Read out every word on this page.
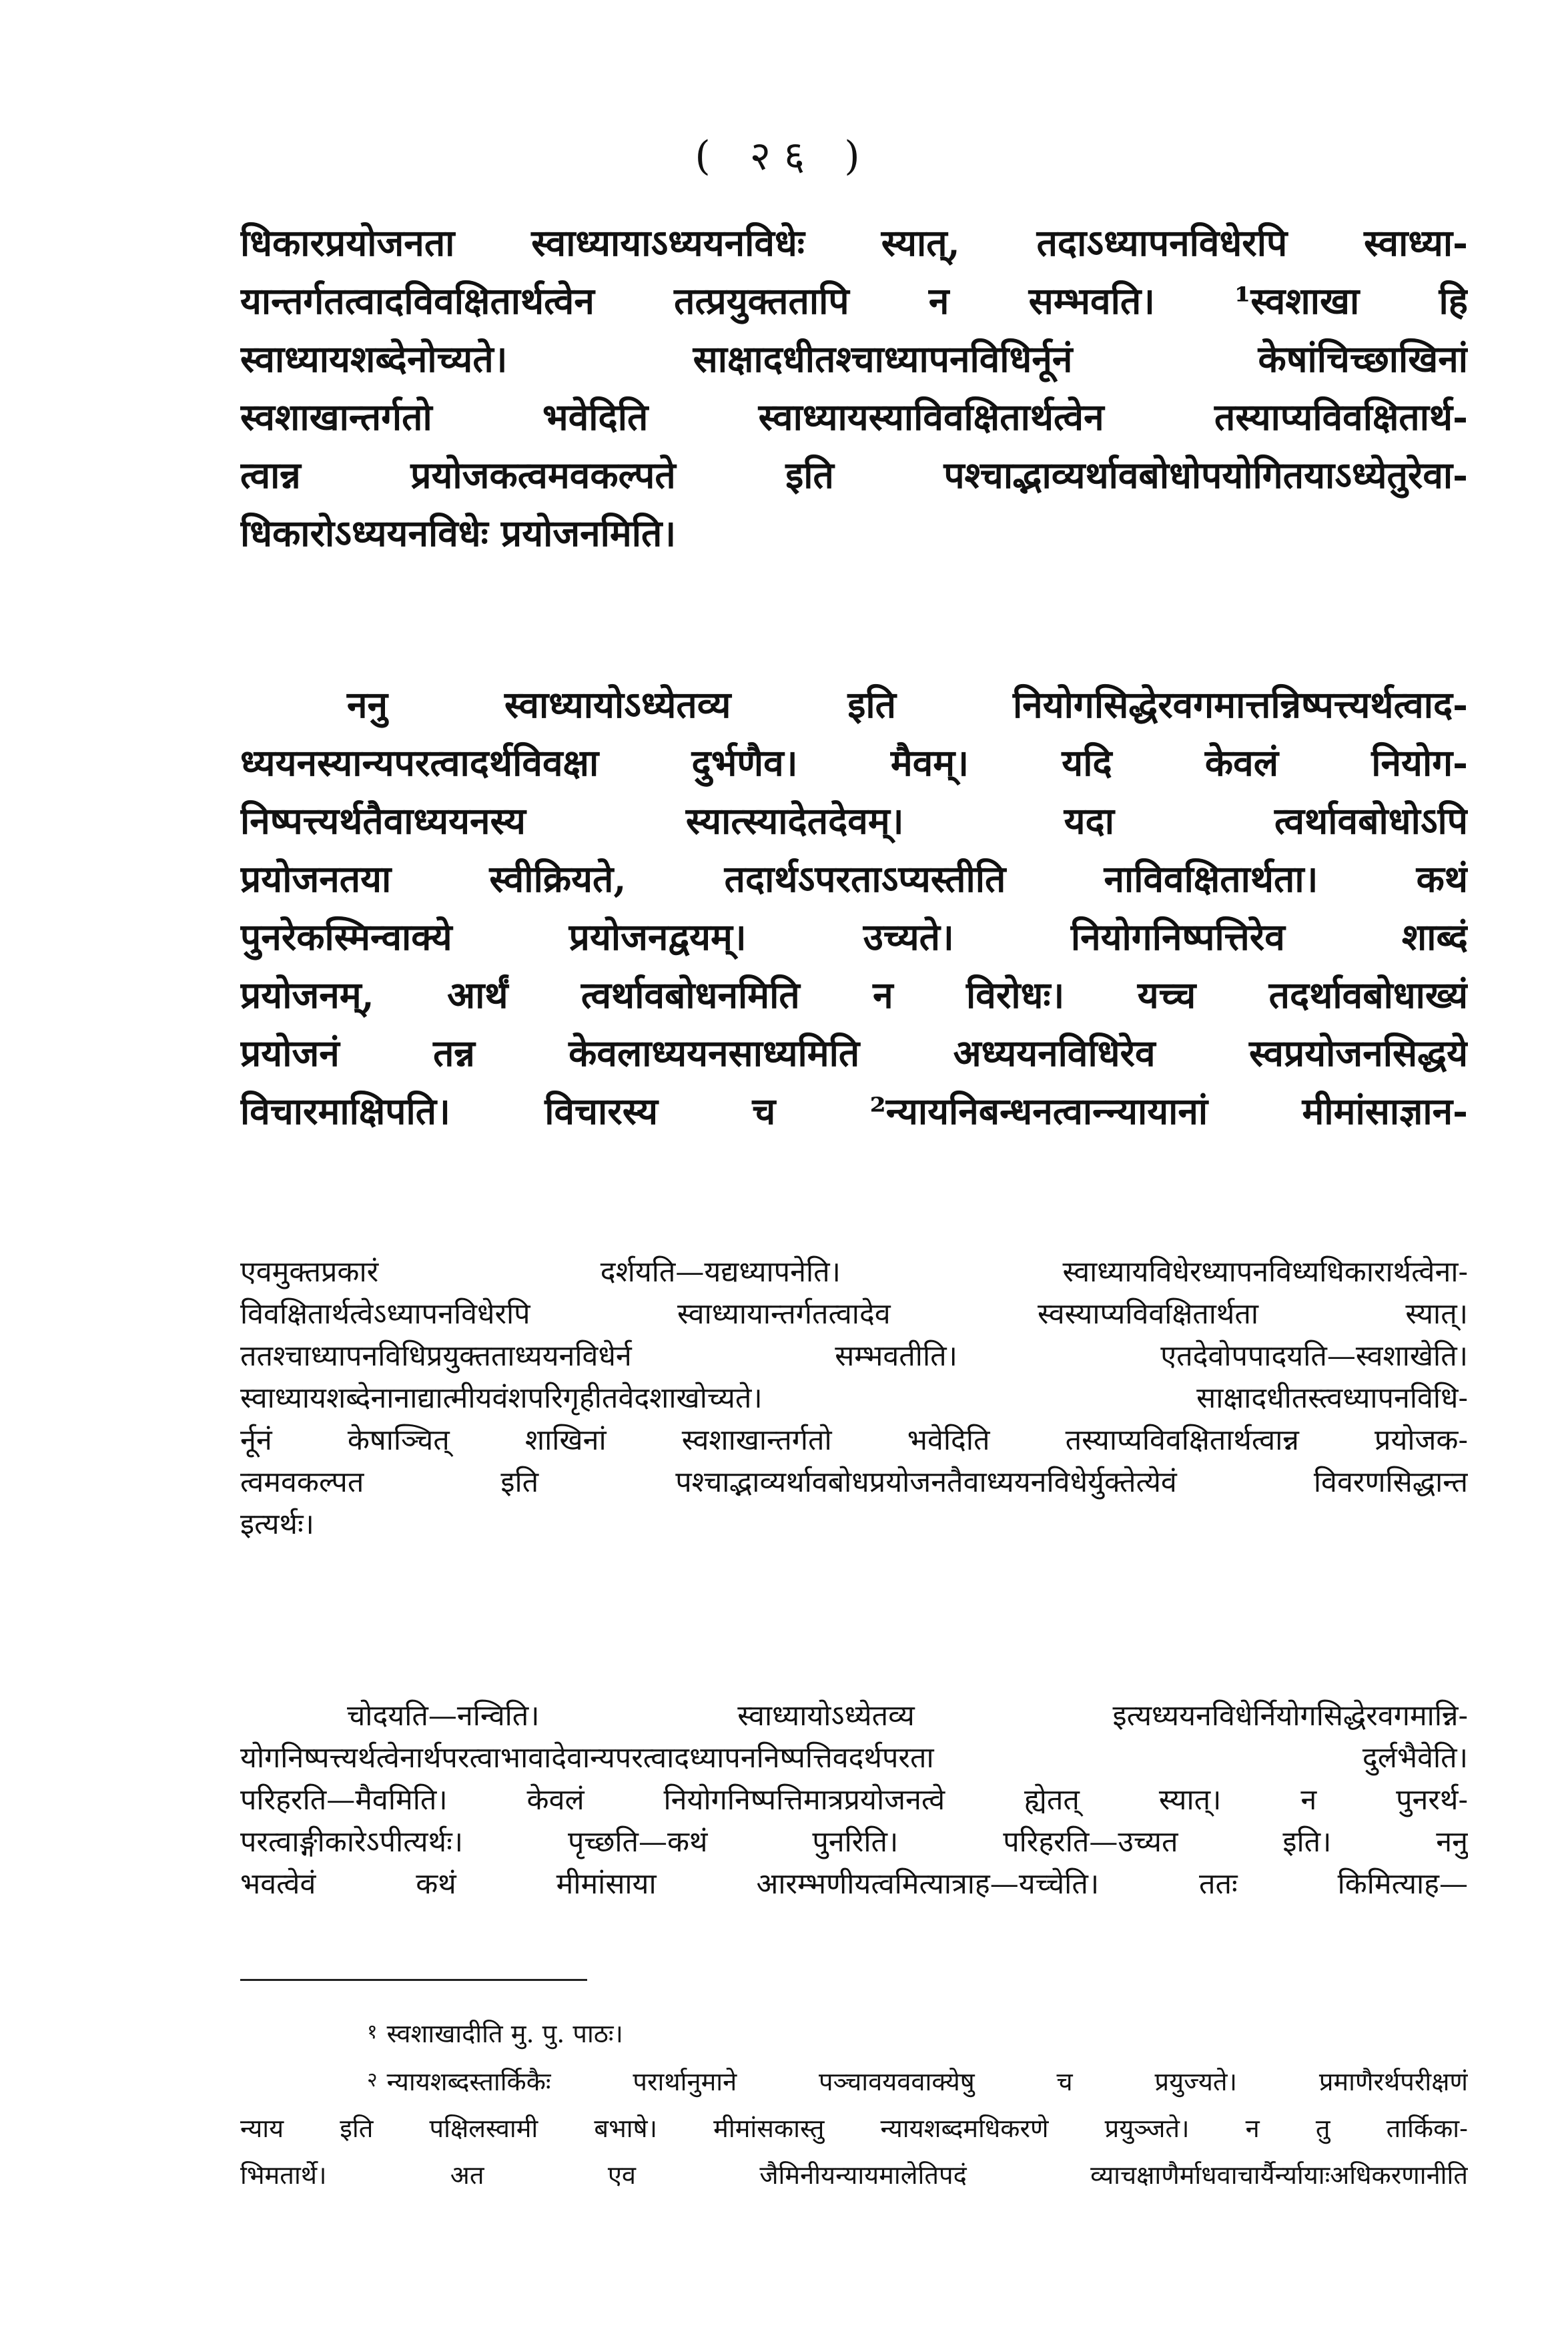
( २६ )
धिकारप्रयोजनता स्वाध्यायाऽध्ययनविधेः स्यात्, तदाऽध्यापनविधेरपि स्वाध्या-
यान्तर्गतत्वादविवक्षितार्थत्वेन तत्प्रयुक्ततापि न सम्भवति। ¹स्वशाखा हि
स्वाध्यायशब्देनोच्यते। साक्षादधीतश्चाध्यापनविधिर्नूनं केषांचिच्छाखिनां
स्वशाखान्तर्गतो भवेदिति स्वाध्यायस्याविवक्षितार्थत्वेन तस्याप्यविवक्षितार्थ-
त्वान्न प्रयोजकत्वमवकल्पते इति पश्चाद्भाव्यर्थावबोधोपयोगितयाऽध्येतुरेवा-
धिकारोऽध्ययनविधेः प्रयोजनमिति।
ननु स्वाध्यायोऽध्येतव्य इति नियोगसिद्धेरवगमात्तन्निष्पत्त्यर्थत्वाद-
ध्ययनस्यान्यपरत्वादर्थविवक्षा दुर्भणैव। मैवम्। यदि केवलं नियोग-
निष्पत्त्यर्थतैवाध्ययनस्य स्यात्स्यादेतदेवम्। यदा त्वर्थावबोधोऽपि
प्रयोजनतया स्वीक्रियते, तदार्थऽपरताऽप्यस्तीति नाविवक्षितार्थता। कथं
पुनरेकस्मिन्वाक्ये प्रयोजनद्वयम्। उच्यते। नियोगनिष्पत्तिरेव शाब्दं
प्रयोजनम्, आर्थं त्वर्थावबोधनमिति न विरोधः। यच्च तदर्थावबोधाख्यं
प्रयोजनं तन्न केवलाध्ययनसाध्यमिति अध्ययनविधिरेव स्वप्रयोजनसिद्धये
विचारमाक्षिपति। विचारस्य च ²न्यायनिबन्धनत्वान्न्यायानां मीमांसाज्ञान-
एवमुक्तप्रकारं दर्शयति—यद्यध्यापनेति। स्वाध्यायविधेरध्यापनविध्यधिकारार्थत्वेना-
विवक्षितार्थत्वेऽध्यापनविधेरपि स्वाध्यायान्तर्गतत्वादेव स्वस्याप्यविवक्षितार्थता स्यात्।
ततश्चाध्यापनविधिप्रयुक्तताध्ययनविधेर्न सम्भवतीति। एतदेवोपपादयति—स्वशाखेति।
स्वाध्यायशब्देनानाद्यात्मीयवंशपरिगृहीतवेदशाखोच्यते। साक्षादधीतस्त्वध्यापनविधि-
र्नूनं केषाञ्चित् शाखिनां स्वशाखान्तर्गतो भवेदिति तस्याप्यविवक्षितार्थत्वान्न प्रयोजक-
त्वमवकल्पत इति पश्चाद्भाव्यर्थावबोधप्रयोजनतैवाध्ययनविधेर्युक्तेत्येवं विवरणसिद्धान्त
इत्यर्थः।
चोदयति—नन्विति। स्वाध्यायोऽध्येतव्य इत्यध्ययनविधेर्नियोगसिद्धेरवगमान्नि-
योगनिष्पत्त्यर्थत्वेनार्थपरत्वाभावादेवान्यपरत्वादध्यापननिष्पत्तिवदर्थपरता दुर्लभैवेति।
परिहरति—मैवमिति। केवलं नियोगनिष्पत्तिमात्रप्रयोजनत्वे ह्येतत् स्यात्। न पुनरर्थ-
परत्वाङ्गीकारेऽपीत्यर्थः। पृच्छति—कथं पुनरिति। परिहरति—उच्यत इति। ननु
भवत्वेवं कथं मीमांसाया आरम्भणीयत्वमित्यात्राह—यच्चेति। ततः किमित्याह—
१ स्वशाखादीति मु. पु. पाठः।
२ न्यायशब्दस्तार्किकैः परार्थानुमाने पञ्चावयववाक्येषु च प्रयुज्यते। प्रमाणैरर्थपरीक्षणं
न्याय इति पक्षिलस्वामी बभाषे। मीमांसकास्तु न्यायशब्दमधिकरणे प्रयुञ्जते। न तु तार्किका-
भिमतार्थे। अत एव जैमिनीयन्यायमालेतिपदं व्याचक्षाणैर्माधवाचार्यैर्न्यायाःअधिकरणानीति
